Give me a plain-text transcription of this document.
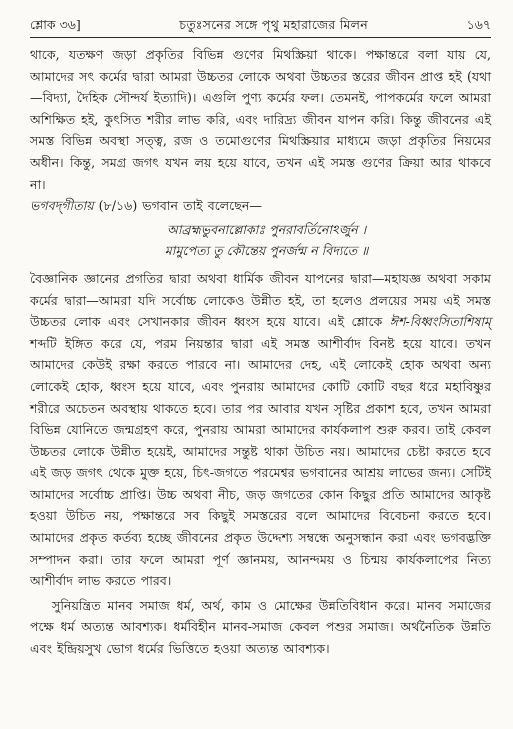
শ্লোক ৩৬]	চতুঃসনের সঙ্গে পৃথু মহারাজের মিলন	১৬৭

থাকে, যতক্ষণ জড়া প্রকৃতির বিভিন্ন গুণের মিথস্ক্রিয়া থাকে। পক্ষান্তরে বলা যায় যে, আমাদের সৎ কর্মের দ্বারা আমরা উচ্চতর লোকে অথবা উচ্চতর স্তরের জীবন প্রাপ্ত হই (যথা—বিদ্যা, দৈহিক সৌন্দর্য ইত্যাদি)। এগুলি পুণ্য কর্মের ফল। তেমনই, পাপকর্মের ফলে আমরা অশিক্ষিত হই, কুৎসিত শরীর লাভ করি, এবং দারিদ্র্য জীবন যাপন করি। কিন্তু জীবনের এই সমস্ত বিভিন্ন অবস্থা সত্ত্ব, রজ ও তমোগুণের মিথস্ক্রিয়ার মাধ্যমে জড়া প্রকৃতির নিয়মের অধীন। কিন্তু, সমগ্র জগৎ যখন লয় হয়ে যাবে, তখন এই সমস্ত গুণের ক্রিয়া আর থাকবে না।

ভগবদ্‌গীতায় (৮/১৬) ভগবান তাই বলেছেন—

আব্রহ্মভুবনাল্লোকাঃ পুনরাবর্তিনোঽর্জুন ।
মামুপেত্য তু কৌন্তেয় পুনর্জন্ম ন বিদ্যতে ॥

বৈজ্ঞানিক জ্ঞানের প্রগতির দ্বারা অথবা ধার্মিক জীবন যাপনের দ্বারা—মহাযজ্ঞ অথবা সকাম কর্মের দ্বারা—আমরা যদি সর্বোচ্চ লোকেও উন্নীত হই, তা হলেও প্রলয়ের সময় এই সমস্ত উচ্চতর লোক এবং সেখানকার জীবন ধ্বংস হয়ে যাবে। এই শ্লোকে ঈশ-বিধ্বংসিতাশিষাম্ শব্দটি ইঙ্গিত করে যে, পরম নিয়ন্তার দ্বারা এই সমস্ত আশীর্বাদ বিনষ্ট হয়ে যাবে। তখন আমাদের কেউই রক্ষা করতে পারবে না। আমাদের দেহ, এই লোকেই হোক অথবা অন্য লোকেই হোক, ধ্বংস হয়ে যাবে, এবং পুনরায় আমাদের কোটি কোটি বছর ধরে মহাবিষ্ণুর শরীরে অচেতন অবস্থায় থাকতে হবে। তার পর আবার যখন সৃষ্টির প্রকাশ হবে, তখন আমরা বিভিন্ন যোনিতে জন্মগ্রহণ করে, পুনরায় আমরা আমাদের কার্যকলাপ শুরু করব। তাই কেবল উচ্চতর লোকে উন্নীত হয়েই, আমাদের সন্তুষ্ট থাকা উচিত নয়। আমাদের চেষ্টা করতে হবে এই জড় জগৎ থেকে মুক্ত হয়ে, চিৎ-জগতে পরমেশ্বর ভগবানের আশ্রয় লাভের জন্য। সেটিই আমাদের সর্বোচ্চ প্রাপ্তি। উচ্চ অথবা নীচ, জড় জগতের কোন কিছুর প্রতি আমাদের আকৃষ্ট হওয়া উচিত নয়, পক্ষান্তরে সব কিছুই সমস্তরের বলে আমাদের বিবেচনা করতে হবে। আমাদের প্রকৃত কর্তব্য হচ্ছে জীবনের প্রকৃত উদ্দেশ্য সম্বন্ধে অনুসন্ধান করা এবং ভগবদ্ভক্তি সম্পাদন করা। তার ফলে আমরা পূর্ণ জ্ঞানময়, আনন্দময় ও চিন্ময় কার্যকলাপের নিত্য আশীর্বাদ লাভ করতে পারব।

সুনিয়ন্ত্রিত মানব সমাজ ধর্ম, অর্থ, কাম ও মোক্ষের উন্নতিবিধান করে। মানব সমাজের পক্ষে ধর্ম অত্যন্ত আবশ্যক। ধর্মবিহীন মানব-সমাজ কেবল পশুর সমাজ। অর্থনৈতিক উন্নতি এবং ইন্দ্রিয়সুখ ভোগ ধর্মের ভিত্তিতে হওয়া অত্যন্ত আবশ্যক।
